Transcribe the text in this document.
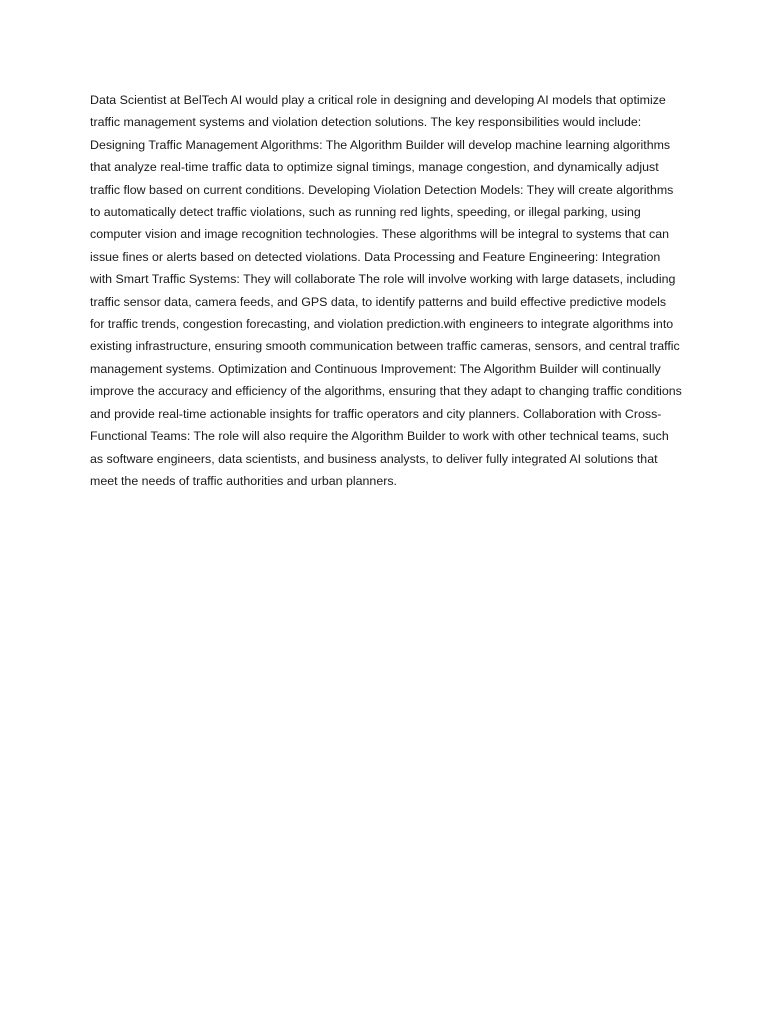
Data Scientist at BelTech AI would play a critical role in designing and developing AI models that optimize traffic management systems and violation detection solutions. The key responsibilities would include: Designing Traffic Management Algorithms: The Algorithm Builder will develop machine learning algorithms that analyze real-time traffic data to optimize signal timings, manage congestion, and dynamically adjust traffic flow based on current conditions. Developing Violation Detection Models: They will create algorithms to automatically detect traffic violations, such as running red lights, speeding, or illegal parking, using computer vision and image recognition technologies. These algorithms will be integral to systems that can issue fines or alerts based on detected violations. Data Processing and Feature Engineering: Integration with Smart Traffic Systems: They will collaborate The role will involve working with large datasets, including traffic sensor data, camera feeds, and GPS data, to identify patterns and build effective predictive models for traffic trends, congestion forecasting, and violation prediction.with engineers to integrate algorithms into existing infrastructure, ensuring smooth communication between traffic cameras, sensors, and central traffic management systems. Optimization and Continuous Improvement: The Algorithm Builder will continually improve the accuracy and efficiency of the algorithms, ensuring that they adapt to changing traffic conditions and provide real-time actionable insights for traffic operators and city planners. Collaboration with Cross-Functional Teams: The role will also require the Algorithm Builder to work with other technical teams, such as software engineers, data scientists, and business analysts, to deliver fully integrated AI solutions that meet the needs of traffic authorities and urban planners.
